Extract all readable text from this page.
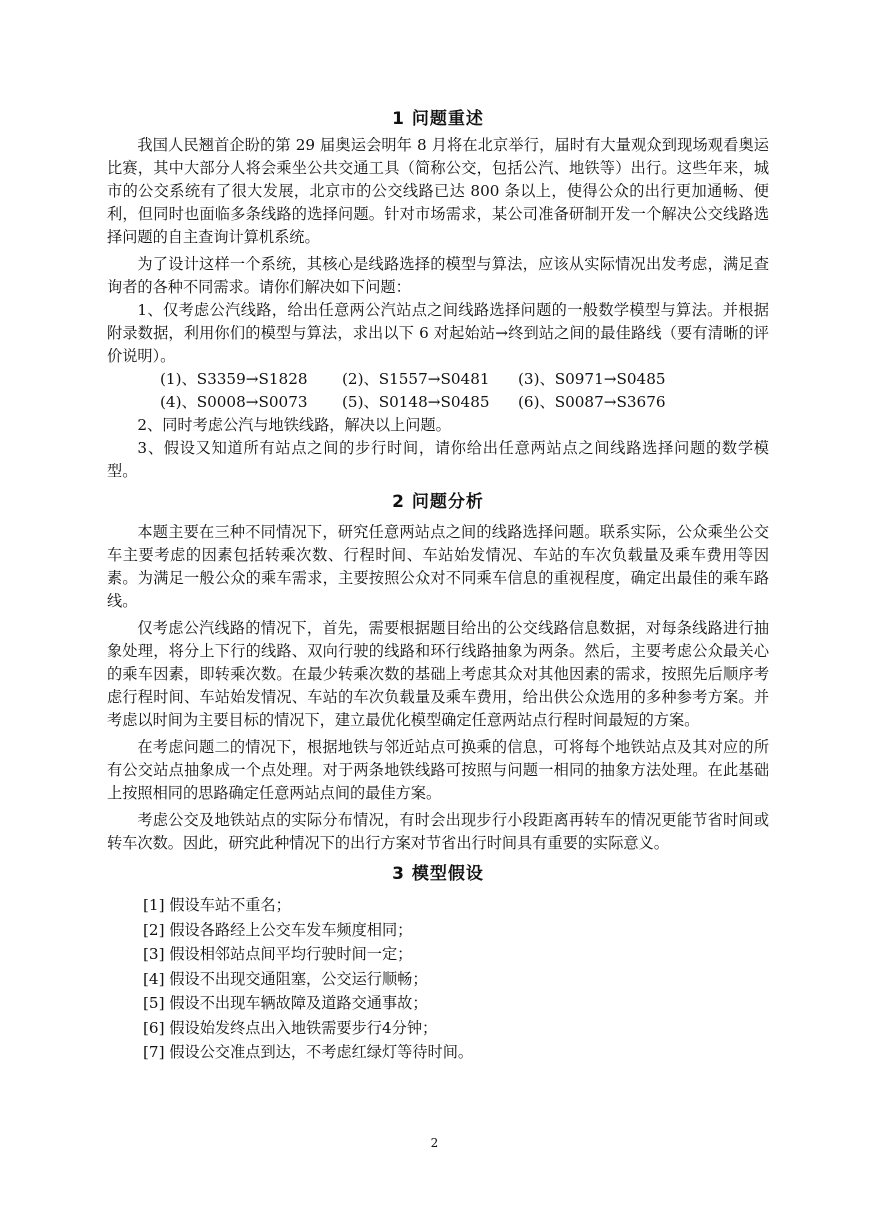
1 问题重述

我国人民翘首企盼的第 29 届奥运会明年 8 月将在北京举行，届时有大量观众到现场观看奥运比赛，其中大部分人将会乘坐公共交通工具（简称公交，包括公汽、地铁等）出行。这些年来，城市的公交系统有了很大发展，北京市的公交线路已达 800 条以上，使得公众的出行更加通畅、便利，但同时也面临多条线路的选择问题。针对市场需求，某公司准备研制开发一个解决公交线路选择问题的自主查询计算机系统。

为了设计这样一个系统，其核心是线路选择的模型与算法，应该从实际情况出发考虑，满足查询者的各种不同需求。请你们解决如下问题：

1、仅考虑公汽线路，给出任意两公汽站点之间线路选择问题的一般数学模型与算法。并根据附录数据，利用你们的模型与算法，求出以下 6 对起始站→终到站之间的最佳路线（要有清晰的评价说明）。

(1)、S3359→S1828	(2)、S1557→S0481	(3)、S0971→S0485
(4)、S0008→S0073	(5)、S0148→S0485	(6)、S0087→S3676

2、同时考虑公汽与地铁线路，解决以上问题。

3、假设又知道所有站点之间的步行时间，请你给出任意两站点之间线路选择问题的数学模型。

2 问题分析

本题主要在三种不同情况下，研究任意两站点之间的线路选择问题。联系实际，公众乘坐公交车主要考虑的因素包括转乘次数、行程时间、车站始发情况、车站的车次负载量及乘车费用等因素。为满足一般公众的乘车需求，主要按照公众对不同乘车信息的重视程度，确定出最佳的乘车路线。

仅考虑公汽线路的情况下，首先，需要根据题目给出的公交线路信息数据，对每条线路进行抽象处理，将分上下行的线路、双向行驶的线路和环行线路抽象为两条。然后，主要考虑公众最关心的乘车因素，即转乘次数。在最少转乘次数的基础上考虑其众对其他因素的需求，按照先后顺序考虑行程时间、车站始发情况、车站的车次负载量及乘车费用，给出供公众选用的多种参考方案。并考虑以时间为主要目标的情况下，建立最优化模型确定任意两站点行程时间最短的方案。

在考虑问题二的情况下，根据地铁与邻近站点可换乘的信息，可将每个地铁站点及其对应的所有公交站点抽象成一个点处理。对于两条地铁线路可按照与问题一相同的抽象方法处理。在此基础上按照相同的思路确定任意两站点间的最佳方案。

考虑公交及地铁站点的实际分布情况，有时会出现步行小段距离再转车的情况更能节省时间或转车次数。因此，研究此种情况下的出行方案对节省出行时间具有重要的实际意义。

3 模型假设
[1] 假设车站不重名；
[2] 假设各路经上公交车发车频度相同；
[3] 假设相邻站点间平均行驶时间一定；
[4] 假设不出现交通阻塞，公交运行顺畅；
[5] 假设不出现车辆故障及道路交通事故；
[6] 假设始发终点出入地铁需要步行4分钟；
[7] 假设公交准点到达，不考虑红绿灯等待时间。
2
